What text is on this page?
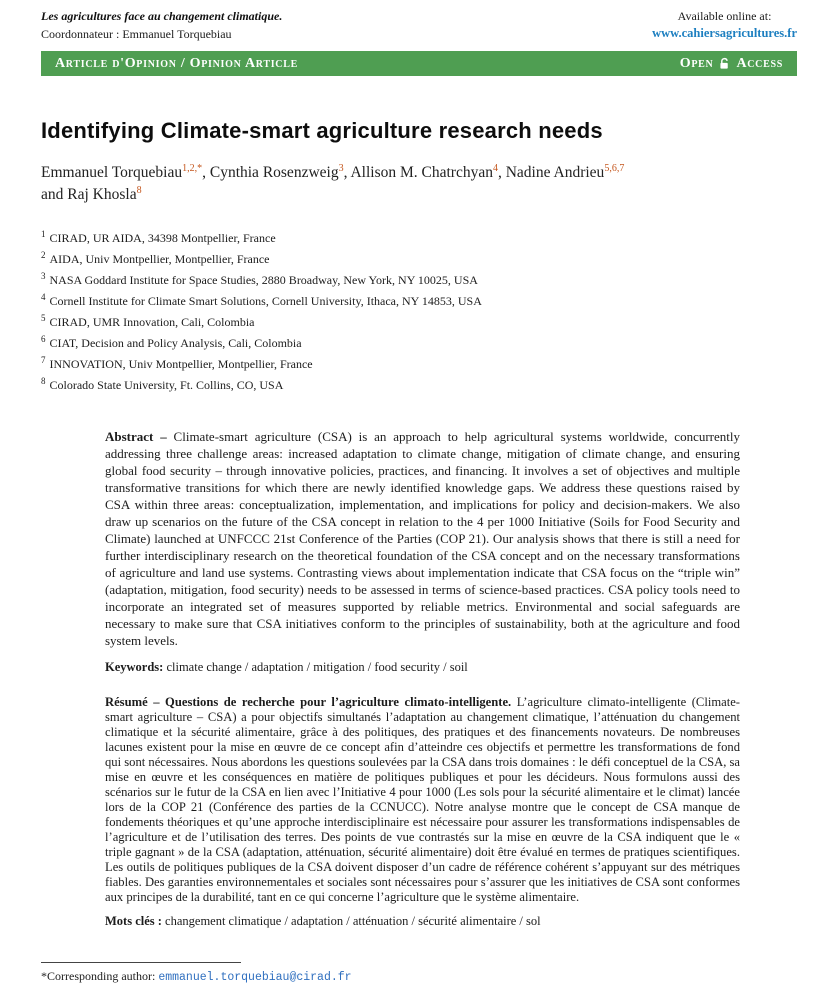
Les agricultures face au changement climatique.

Coordonnateur : Emmanuel Torquebiau

Available online at:

www.cahiersagricultures.fr
Article d'Opinion / Opinion Article	Open Access
Identifying Climate-smart agriculture research needs

Emmanuel Torquebiau$^{1,2,*}$, Cynthia Rosenzweig$^3$, Allison M. Chatrchyan$^4$, Nadine Andrieu$^{5,6,7}$
and Raj Khosla$^8$

$^1$ CIRAD, UR AIDA, 34398 Montpellier, France
$^2$ AIDA, Univ Montpellier, Montpellier, France
$^3$ NASA Goddard Institute for Space Studies, 2880 Broadway, New York, NY 10025, USA
$^4$ Cornell Institute for Climate Smart Solutions, Cornell University, Ithaca, NY 14853, USA
$^5$ CIRAD, UMR Innovation, Cali, Colombia
$^6$ CIAT, Decision and Policy Analysis, Cali, Colombia
$^7$ INNOVATION, Univ Montpellier, Montpellier, France
$^8$ Colorado State University, Ft. Collins, CO, USA

Abstract – Climate-smart agriculture (CSA) is an approach to help agricultural systems worldwide, concurrently addressing three challenge areas: increased adaptation to climate change, mitigation of climate change, and ensuring global food security – through innovative policies, practices, and financing. It involves a set of objectives and multiple transformative transitions for which there are newly identified knowledge gaps. We address these questions raised by CSA within three areas: conceptualization, implementation, and implications for policy and decision-makers. We also draw up scenarios on the future of the CSA concept in relation to the 4 per 1000 Initiative (Soils for Food Security and Climate) launched at UNFCCC 21st Conference of the Parties (COP 21). Our analysis shows that there is still a need for further interdisciplinary research on the theoretical foundation of the CSA concept and on the necessary transformations of agriculture and land use systems. Contrasting views about implementation indicate that CSA focus on the “triple win” (adaptation, mitigation, food security) needs to be assessed in terms of science-based practices. CSA policy tools need to incorporate an integrated set of measures supported by reliable metrics. Environmental and social safeguards are necessary to make sure that CSA initiatives conform to the principles of sustainability, both at the agriculture and food system levels.

Keywords: climate change / adaptation / mitigation / food security / soil

Résumé – Questions de recherche pour l’agriculture climato-intelligente. L’agriculture climato-intelligente (Climate-smart agriculture – CSA) a pour objectifs simultanés l’adaptation au changement climatique, l’atténuation du changement climatique et la sécurité alimentaire, grâce à des politiques, des pratiques et des financements novateurs. De nombreuses lacunes existent pour la mise en œuvre de ce concept afin d’atteindre ces objectifs et permettre les transformations de fond qui sont nécessaires. Nous abordons les questions soulevées par la CSA dans trois domaines : le défi conceptuel de la CSA, sa mise en œuvre et les conséquences en matière de politiques publiques et pour les décideurs. Nous formulons aussi des scénarios sur le futur de la CSA en lien avec l’Initiative 4 pour 1000 (Les sols pour la sécurité alimentaire et le climat) lancée lors de la COP 21 (Conférence des parties de la CCNUCC). Notre analyse montre que le concept de CSA manque de fondements théoriques et qu’une approche interdisciplinaire est nécessaire pour assurer les transformations indispensables de l’agriculture et de l’utilisation des terres. Des points de vue contrastés sur la mise en œuvre de la CSA indiquent que le « triple gagnant » de la CSA (adaptation, atténuation, sécurité alimentaire) doit être évalué en termes de pratiques scientifiques. Les outils de politiques publiques de la CSA doivent disposer d’un cadre de référence cohérent s’appuyant sur des métriques fiables. Des garanties environnementales et sociales sont nécessaires pour s’assurer que les initiatives de CSA sont conformes aux principes de la durabilité, tant en ce qui concerne l’agriculture que le système alimentaire.

Mots clés : changement climatique / adaptation / atténuation / sécurité alimentaire / sol

*Corresponding author: emmanuel.torquebiau@cirad.fr
